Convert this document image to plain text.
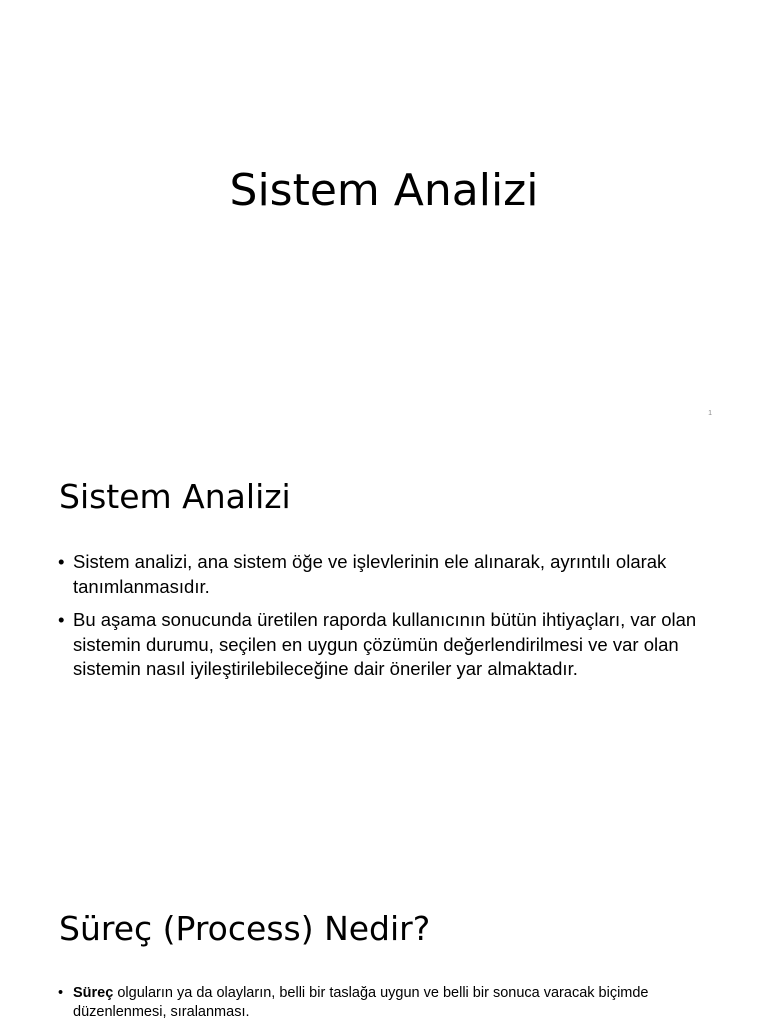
Sistem Analizi
1
Sistem Analizi
• Sistem analizi, ana sistem öğe ve işlevlerinin ele alınarak, ayrıntılı olarak tanımlanmasıdır.
• Bu aşama sonucunda üretilen raporda kullanıcının bütün ihtiyaçları, var olan sistemin durumu, seçilen en uygun çözümün değerlendirilmesi ve var olan sistemin nasıl iyileştirilebileceğine dair öneriler yar almaktadır.
Süreç (Process) Nedir?
• Süreç olguların ya da olayların, belli bir taslağa uygun ve belli bir sonuca varacak biçimde düzenlenmesi, sıralanması.
